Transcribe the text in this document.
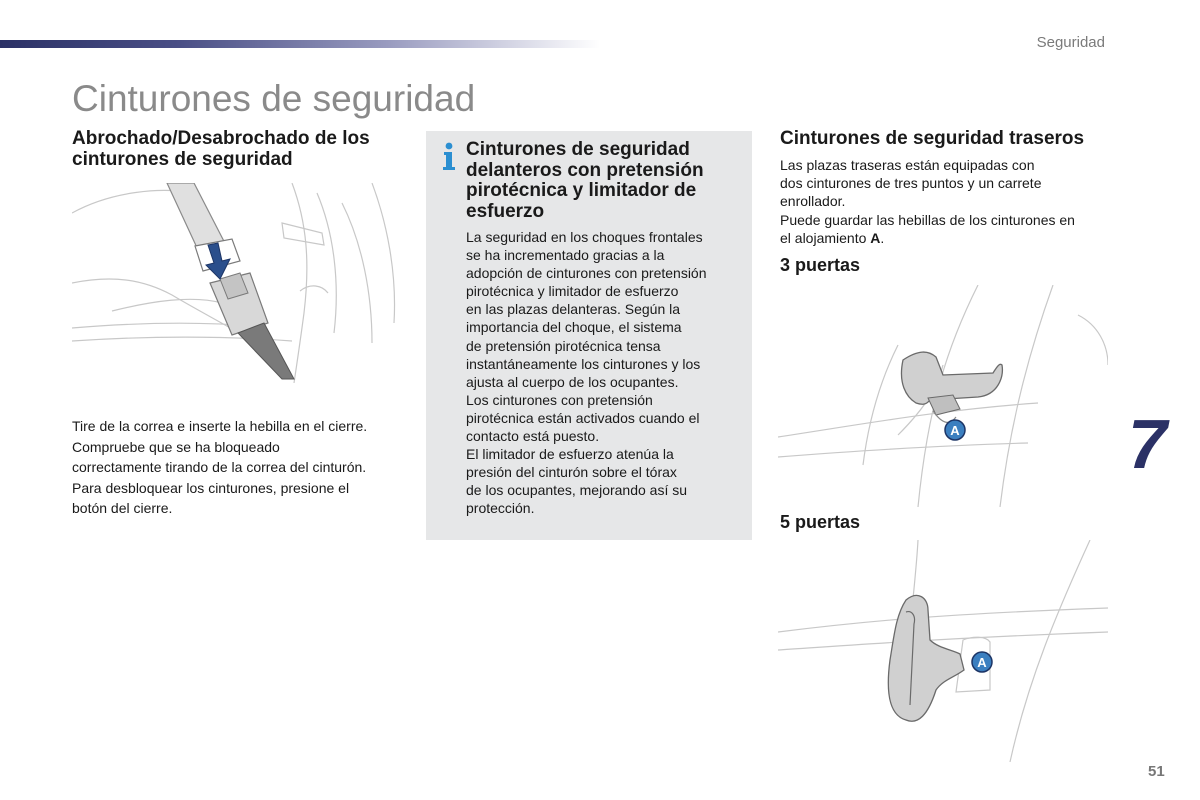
Seguridad
Cinturones de seguridad
Abrochado/Desabrochado de los cinturones de seguridad

Tire de la correa e inserte la hebilla en el cierre.

Compruebe que se ha bloqueado

correctamente tirando de la correa del cinturón.

Para desbloquear los cinturones, presione el

botón del cierre.

Cinturones de seguridad delanteros con pretensión pirotécnica y limitador de esfuerzo

La seguridad en los choques frontales

se ha incrementado gracias a la

adopción de cinturones con pretensión

pirotécnica y limitador de esfuerzo

en las plazas delanteras. Según la

importancia del choque, el sistema

de pretensión pirotécnica tensa

instantáneamente los cinturones y los

ajusta al cuerpo de los ocupantes.

Los cinturones con pretensión

pirotécnica están activados cuando el

contacto está puesto.

El limitador de esfuerzo atenúa la

presión del cinturón sobre el tórax

de los ocupantes, mejorando así su

protección.

Cinturones de seguridad traseros

Las plazas traseras están equipadas con

dos cinturones de tres puntos y un carrete

enrollador.

Puede guardar las hebillas de los cinturones en

el alojamiento A.

3 puertas
A
5 puertas
A
7
51
